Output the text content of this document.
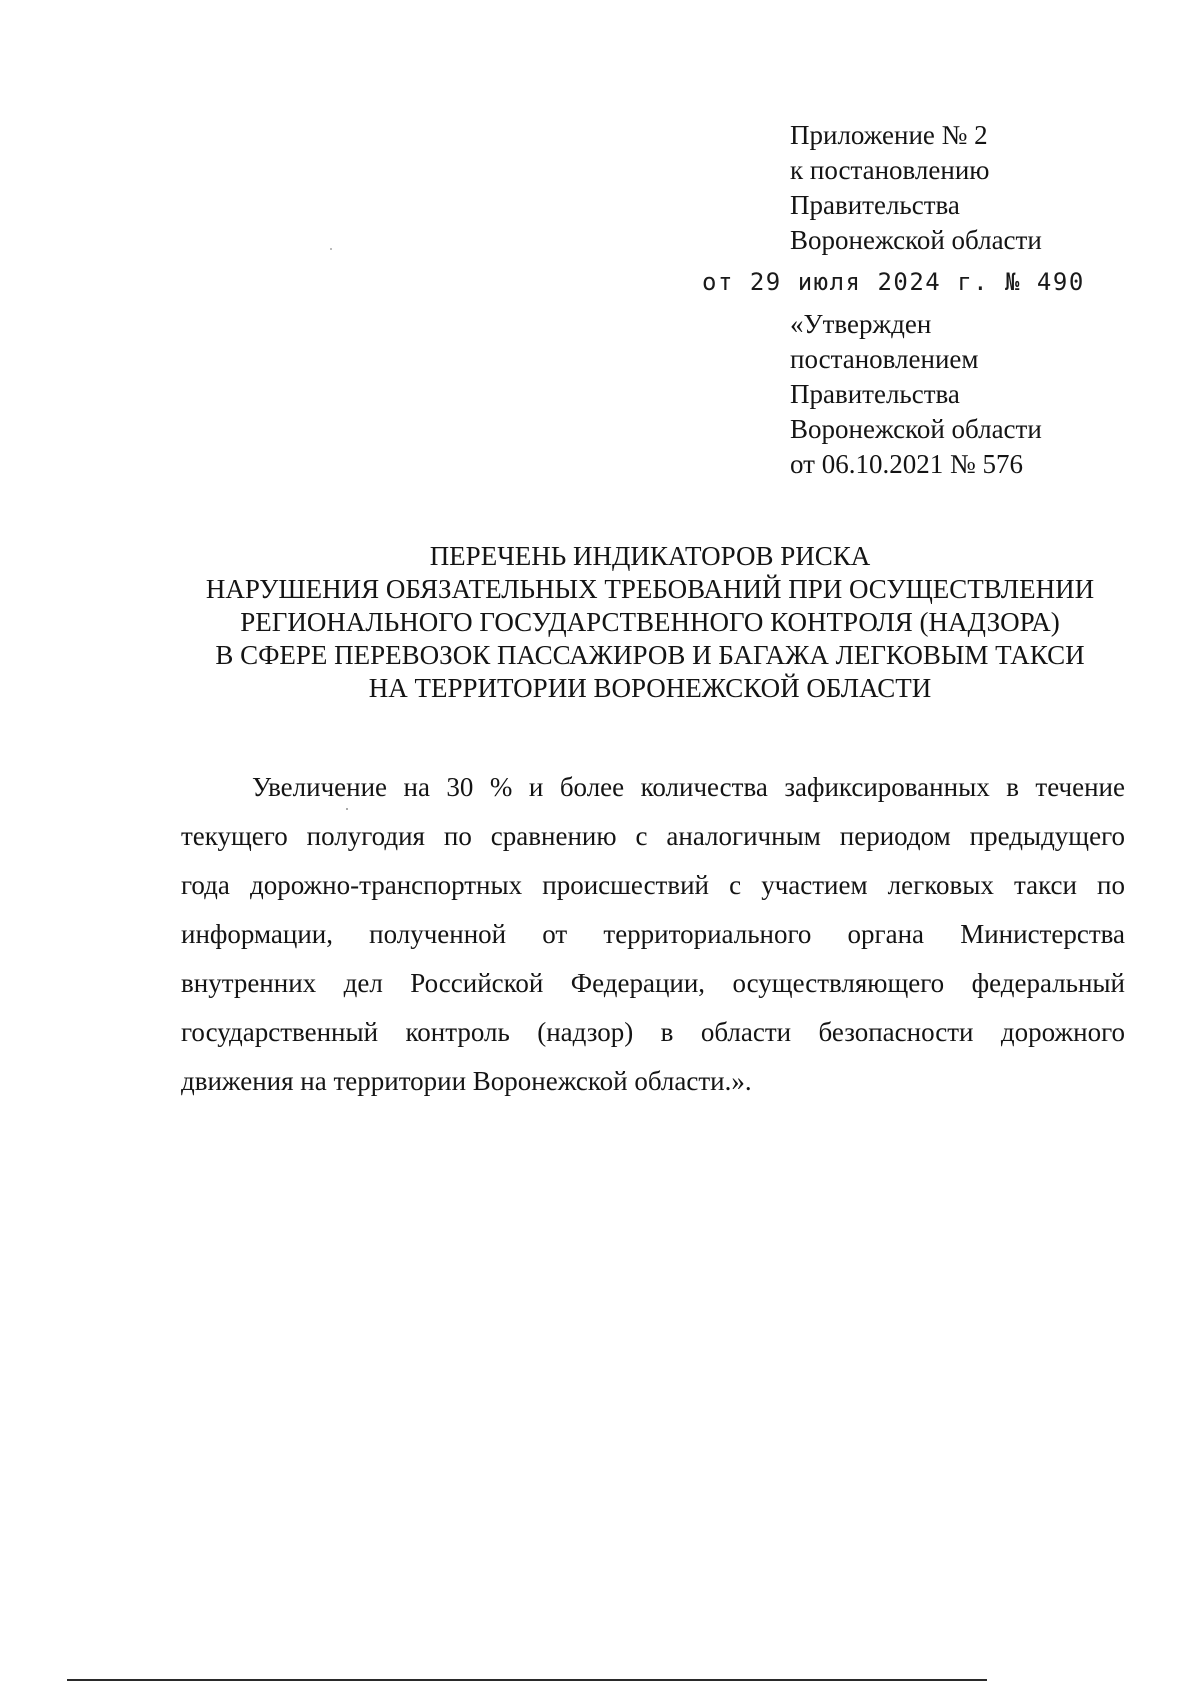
Приложение № 2
к постановлению
Правительства
Воронежской области
от 29 июля 2024 г. № 490
«Утвержден
постановлением
Правительства
Воронежской области
от 06.10.2021 № 576
ПЕРЕЧЕНЬ ИНДИКАТОРОВ РИСКА
НАРУШЕНИЯ ОБЯЗАТЕЛЬНЫХ ТРЕБОВАНИЙ ПРИ ОСУЩЕСТВЛЕНИИ
РЕГИОНАЛЬНОГО ГОСУДАРСТВЕННОГО КОНТРОЛЯ (НАДЗОРА)
В СФЕРЕ ПЕРЕВОЗОК ПАССАЖИРОВ И БАГАЖА ЛЕГКОВЫМ ТАКСИ
НА ТЕРРИТОРИИ ВОРОНЕЖСКОЙ ОБЛАСТИ
Увеличение на 30 % и более количества зафиксированных в течение
текущего полугодия по сравнению с аналогичным периодом предыдущего
года дорожно-транспортных происшествий с участием легковых такси по
информации, полученной от территориального органа Министерства
внутренних дел Российской Федерации, осуществляющего федеральный
государственный контроль (надзор) в области безопасности дорожного
движения на территории Воронежской области.».
